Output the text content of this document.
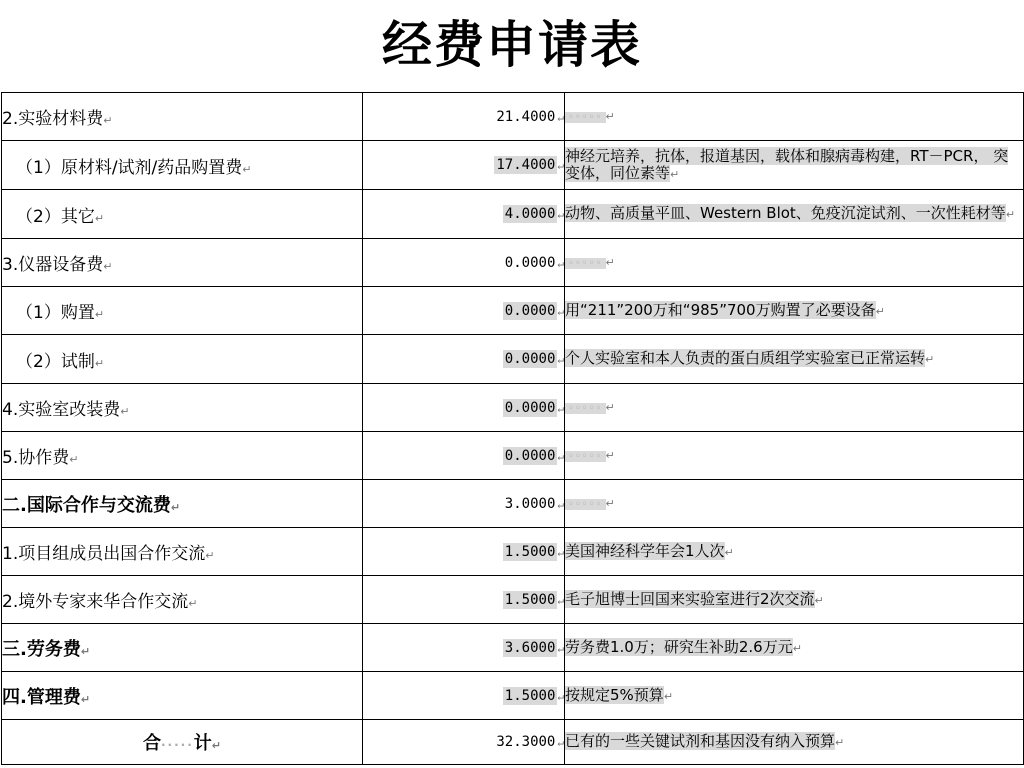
经费申请表
2.实验材料费↵	21.4000 ↵	◦◦◦◦◦ ↵
（1）原材料/试剂/药品购置费↵	17.4000 ↵	神经元培养，抗体，报道基因，载体和腺病毒构建，RT－PCR， 突变体，同位素等↵
（2）其它↵	4.0000 ↵	动物、高质量平皿、Western Blot、免疫沉淀试剂、一次性耗材等↵
3.仪器设备费↵	0.0000 ↵	◦◦◦◦◦ ↵
（1）购置↵	0.0000 ↵	用“211”200万和“985”700万购置了必要设备↵
（2）试制↵	0.0000 ↵	个人实验室和本人负责的蛋白质组学实验室已正常运转↵
4.实验室改装费↵	0.0000 ↵	◦◦◦◦◦ ↵
5.协作费↵	0.0000 ↵	◦◦◦◦◦ ↵
二.国际合作与交流费↵	3.0000 ↵	◦◦◦◦◦ ↵
1.项目组成员出国合作交流↵	1.5000 ↵	美国神经科学年会1人次↵
2.境外专家来华合作交流↵	1.5000 ↵	毛子旭博士回国来实验室进行2次交流↵
三.劳务费↵	3.6000 ↵	劳务费1.0万；研究生补助2.6万元↵
四.管理费↵	1.5000 ↵	按规定5%预算↵
合·····计↵	32.3000 ↵	已有的一些关键试剂和基因没有纳入预算↵
